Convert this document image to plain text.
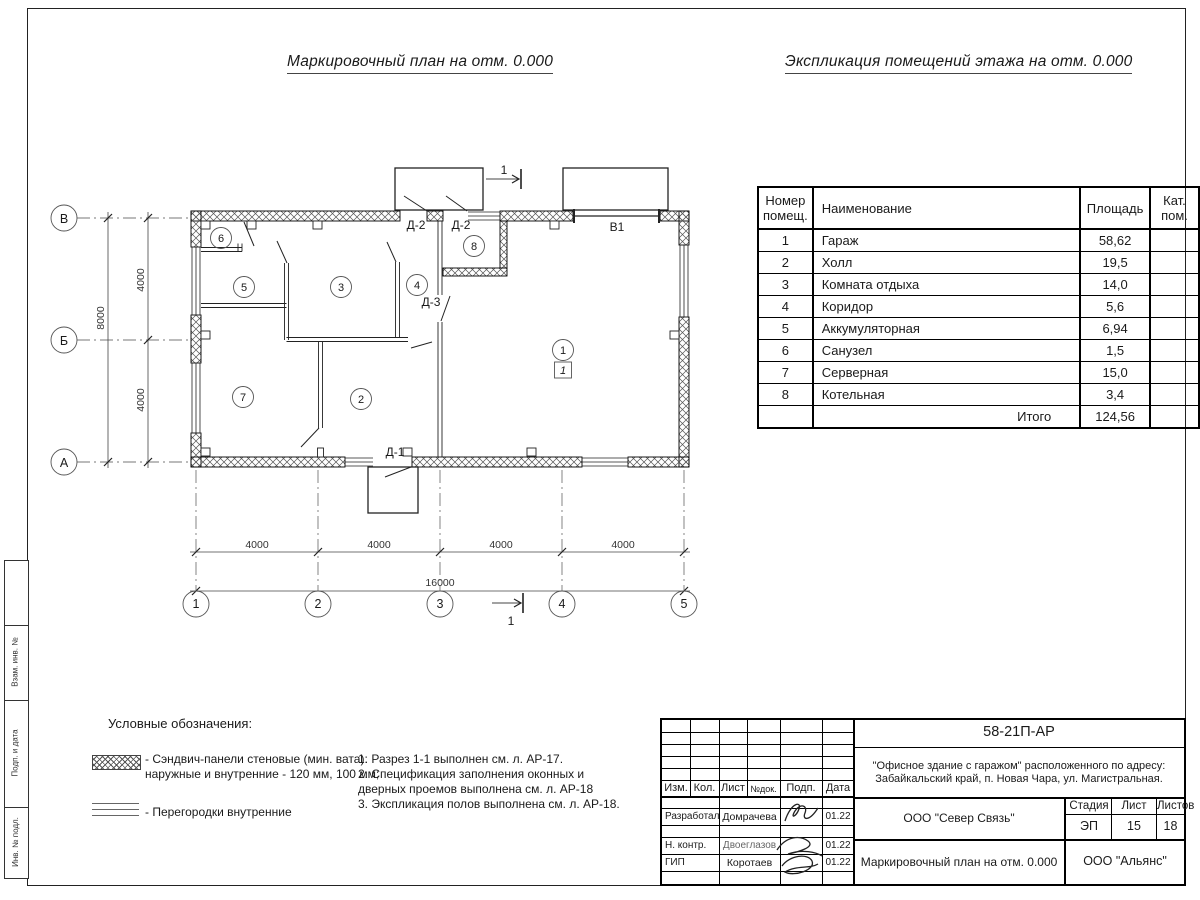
Взам. инв. №
Подп. и дата
Инв. № подл.
Маркировочный план на отм. 0.000	Экспликация помещений этажа на отм. 0.000
4000	4000	4000	4000
16000
4000
4000
8000
1	2	3	4	5
В
Б
А
6
5	3	4
8
7	2
1
1
Д-2 Д-2
Д-3
Д-1
В1
1
1
Номер помещ.	Наименование	Площадь	Кат. пом.
1	Гараж	58,62	
2	Холл	19,5	
3	Комната отдыха	14,0	
4	Коридор	5,6	
5	Аккумуляторная	6,94	
6	Санузел	1,5	
7	Серверная	15,0	
8	Котельная	3,4	
	Итого	124,56	
Условные обозначения:
- Сэндвич-панели стеновые (мин. вата):
наружные и внутренние - 120 мм, 100 мм;
- Перегородки внутренние
1. Разрез 1-1 выполнен см. л. АР-17.
2. Спецификация заполнения оконных и дверных проемов выполнена см. л. АР-18
3. Экспликация полов выполнена см. л. АР-18.
Изм. Кол. Лист №док. Подп. Дата
Разработал Домрачева	01.22
Н. контр.	Двоеглазов	01.22
ГИП	Коротаев	01.22
58-21П-АР
"Офисное здание с гаражом" расположенного по адресу:
Забайкальский край, п. Новая Чара, ул. Магистральная.
ООО "Север Связь"
Стадия	Лист Листов
ЭП	15	18
Маркировочный план на отм. 0.000	ООО "Альянс"
